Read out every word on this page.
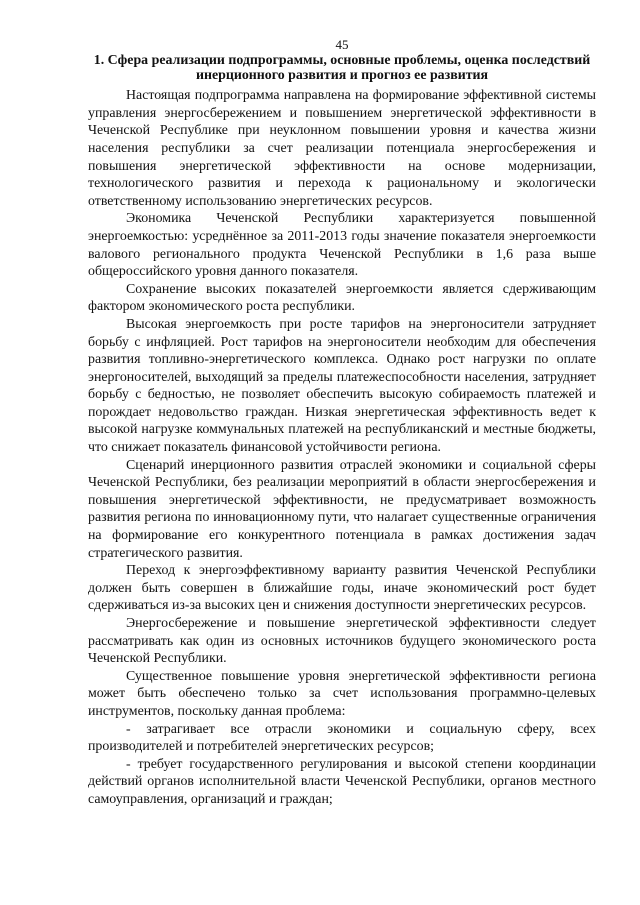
45
1. Сфера реализации подпрограммы, основные проблемы, оценка последствий инерционного развития и прогноз ее развития

Настоящая подпрограмма направлена на формирование эффективной системы управления энергосбережением и повышением энергетической эффективности в Чеченской Республике при неуклонном повышении уровня и качества жизни населения республики за счет реализации потенциала энергосбережения и повышения энергетической эффективности на основе модернизации, технологического развития и перехода к рациональному и экологически ответственному использованию энергетических ресурсов.

Экономика Чеченской Республики характеризуется повышенной энергоемкостью: усреднённое за 2011-2013 годы значение показателя энергоемкости валового регионального продукта Чеченской Республики в 1,6 раза выше общероссийского уровня данного показателя.

Сохранение высоких показателей энергоемкости является сдерживающим фактором экономического роста республики.

Высокая энергоемкость при росте тарифов на энергоносители затрудняет борьбу с инфляцией. Рост тарифов на энергоносители необходим для обеспечения развития топливно-энергетического комплекса. Однако рост нагрузки по оплате энергоносителей, выходящий за пределы платежеспособности населения, затрудняет борьбу с бедностью, не позволяет обеспечить высокую собираемость платежей и порождает недовольство граждан. Низкая энергетическая эффективность ведет к высокой нагрузке коммунальных платежей на республиканский и местные бюджеты, что снижает показатель финансовой устойчивости региона.

Сценарий инерционного развития отраслей экономики и социальной сферы Чеченской Республики, без реализации мероприятий в области энергосбережения и повышения энергетической эффективности, не предусматривает возможность развития региона по инновационному пути, что налагает существенные ограничения на формирование его конкурентного потенциала в рамках достижения задач стратегического развития.

Переход к энергоэффективному варианту развития Чеченской Республики должен быть совершен в ближайшие годы, иначе экономический рост будет сдерживаться из-за высоких цен и снижения доступности энергетических ресурсов.

Энергосбережение и повышение энергетической эффективности следует рассматривать как один из основных источников будущего экономического роста Чеченской Республики.

Существенное повышение уровня энергетической эффективности региона может быть обеспечено только за счет использования программно-целевых инструментов, поскольку данная проблема:

- затрагивает все отрасли экономики и социальную сферу, всех производителей и потребителей энергетических ресурсов;

- требует государственного регулирования и высокой степени координации действий органов исполнительной власти Чеченской Республики, органов местного самоуправления, организаций и граждан;
